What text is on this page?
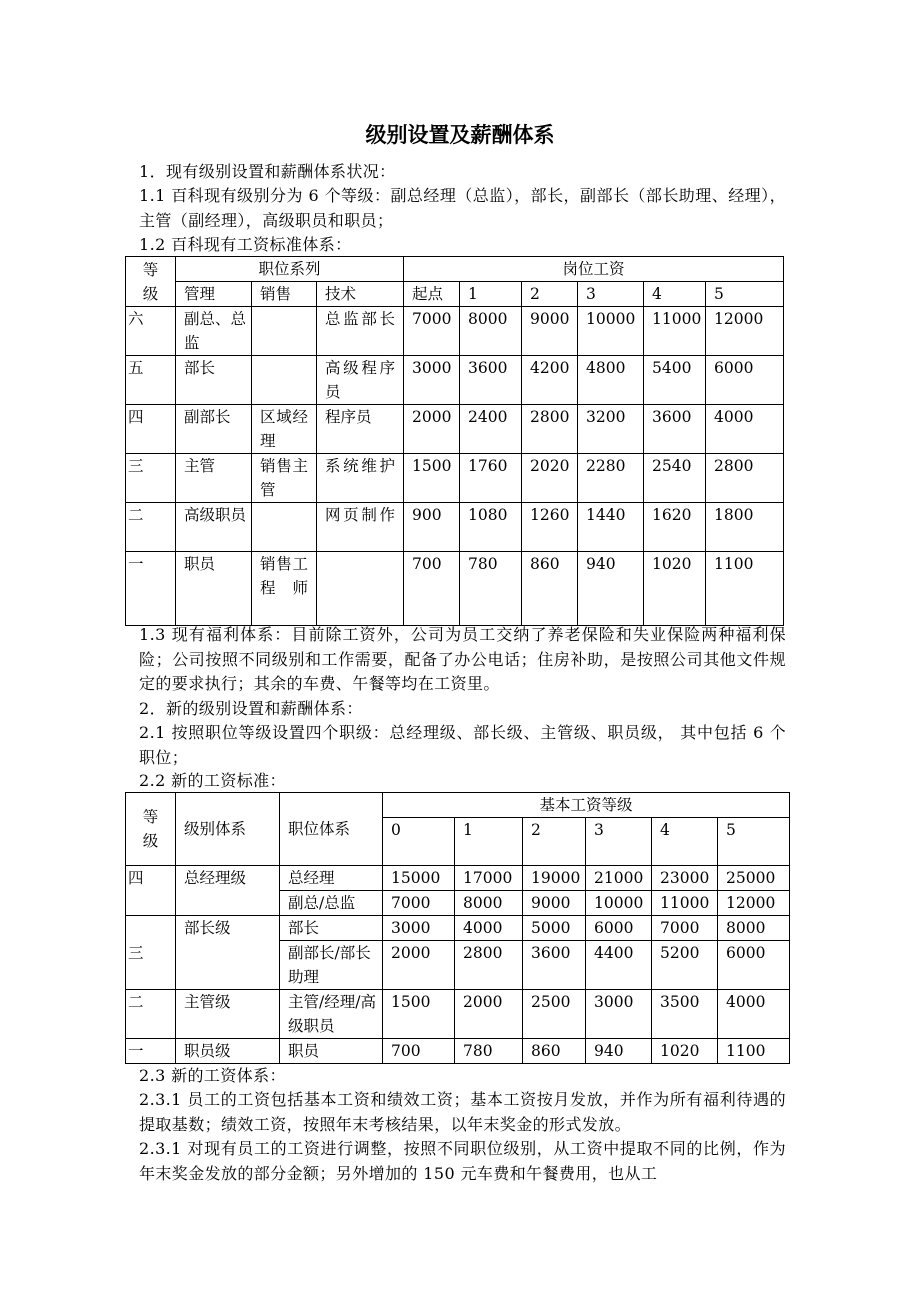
级别设置及薪酬体系
1．现有级别设置和薪酬体系状况：
1.1 百科现有级别分为 6 个等级：副总经理（总监），部长，副部长（部长助理、经理），主管（副经理），高级职员和职员；
1.2 百科现有工资标准体系：
等级	职位系列			岗位工资					
	管理	销售	技术	起点	1	2	3	4	5
六	副总、总监		总监部长	7000	8000	9000	10000	11000	12000
五	部长		高级程序员	3000	3600	4200	4800	5400	6000
四	副部长	区域经理	程序员	2000	2400	2800	3200	3600	4000
三	主管	销售主管	系统维护	1500	1760	2020	2280	2540	2800
二	高级职员		网页制作	900	1080	1260	1440	1620	1800
一	职员	销售工程师		700	780	860	940	1020	1100
1.3 现有福利体系：目前除工资外，公司为员工交纳了养老保险和失业保险两种福利保险；公司按照不同级别和工作需要，配备了办公电话；住房补助，是按照公司其他文件规定的要求执行；其余的车费、午餐等均在工资里。
2．新的级别设置和薪酬体系：
2.1 按照职位等级设置四个职级：总经理级、部长级、主管级、职员级， 其中包括 6 个职位；
2.2 新的工资标准：
等级	级别体系	职位体系	基本工资等级					
			0	1	2	3	4	5
四	总经理级	总经理	15000	17000	19000	21000	23000	25000
		副总/总监	7000	8000	9000	10000	11000	12000
三	部长级	部长	3000	4000	5000	6000	7000	8000
		副部长/部长助理	2000	2800	3600	4400	5200	6000
二	主管级	主管/经理/高级职员	1500	2000	2500	3000	3500	4000
一	职员级	职员	700	780	860	940	1020	1100
2.3 新的工资体系：
2.3.1 员工的工资包括基本工资和绩效工资；基本工资按月发放，并作为所有福利待遇的提取基数；绩效工资，按照年末考核结果，以年末奖金的形式发放。
2.3.1 对现有员工的工资进行调整，按照不同职位级别，从工资中提取不同的比例，作为年末奖金发放的部分金额；另外增加的 150 元车费和午餐费用，也从工
